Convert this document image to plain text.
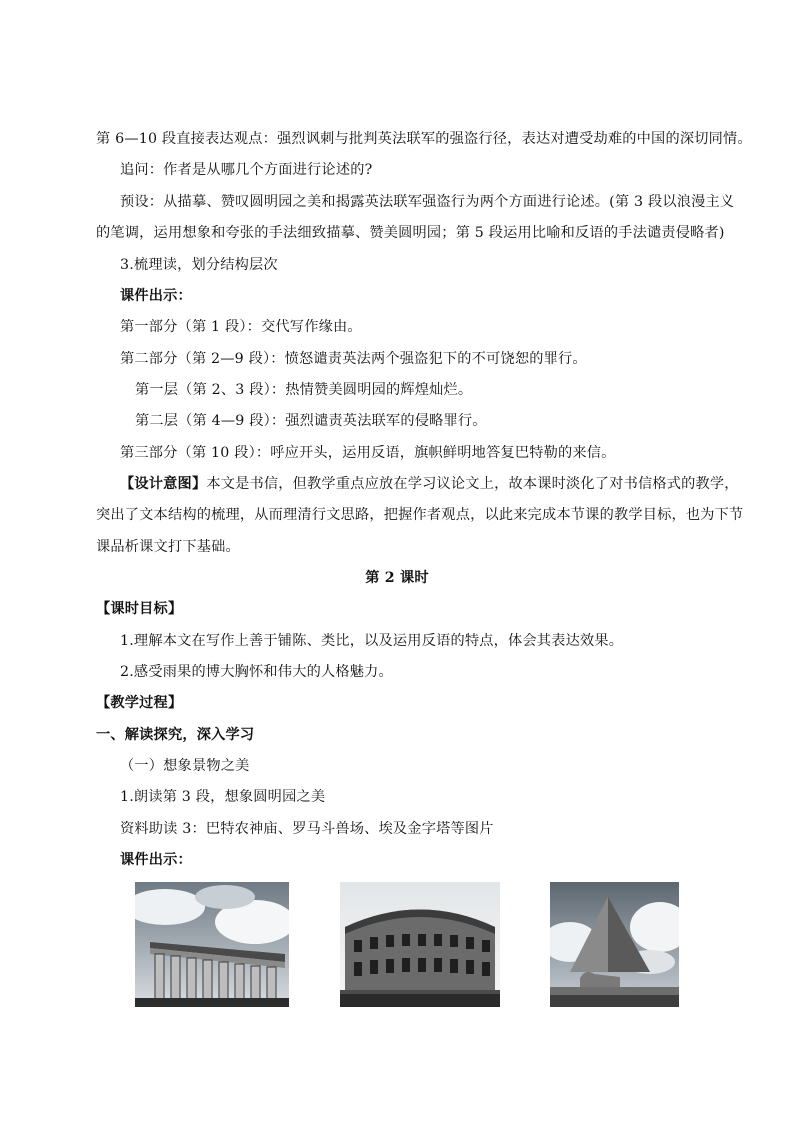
第 6—10 段直接表达观点：强烈讽刺与批判英法联军的强盗行径，表达对遭受劫难的中国的深切同情。
追问：作者是从哪几个方面进行论述的?
预设：从描摹、赞叹圆明园之美和揭露英法联军强盗行为两个方面进行论述。(第 3 段以浪漫主义
的笔调，运用想象和夸张的手法细致描摹、赞美圆明园；第 5 段运用比喻和反语的手法谴责侵略者)
3.梳理读，划分结构层次
课件出示：
第一部分（第 1 段）：交代写作缘由。
第二部分（第 2—9 段）：愤怒谴责英法两个强盗犯下的不可饶恕的罪行。
第一层（第 2、3 段）：热情赞美圆明园的辉煌灿烂。
第二层（第 4—9 段）：强烈谴责英法联军的侵略罪行。
第三部分（第 10 段）：呼应开头，运用反语，旗帜鲜明地答复巴特勒的来信。
【设计意图】本文是书信，但教学重点应放在学习议论文上，故本课时淡化了对书信格式的教学，
突出了文本结构的梳理，从而理清行文思路，把握作者观点，以此来完成本节课的教学目标，也为下节
课品析课文打下基础。
第 2 课时
【课时目标】
1.理解本文在写作上善于铺陈、类比，以及运用反语的特点，体会其表达效果。
2.感受雨果的博大胸怀和伟大的人格魅力。
【教学过程】
一、解读探究，深入学习
（一）想象景物之美
1.朗读第 3 段，想象圆明园之美
资料助读 3：巴特农神庙、罗马斗兽场、埃及金字塔等图片
课件出示：
